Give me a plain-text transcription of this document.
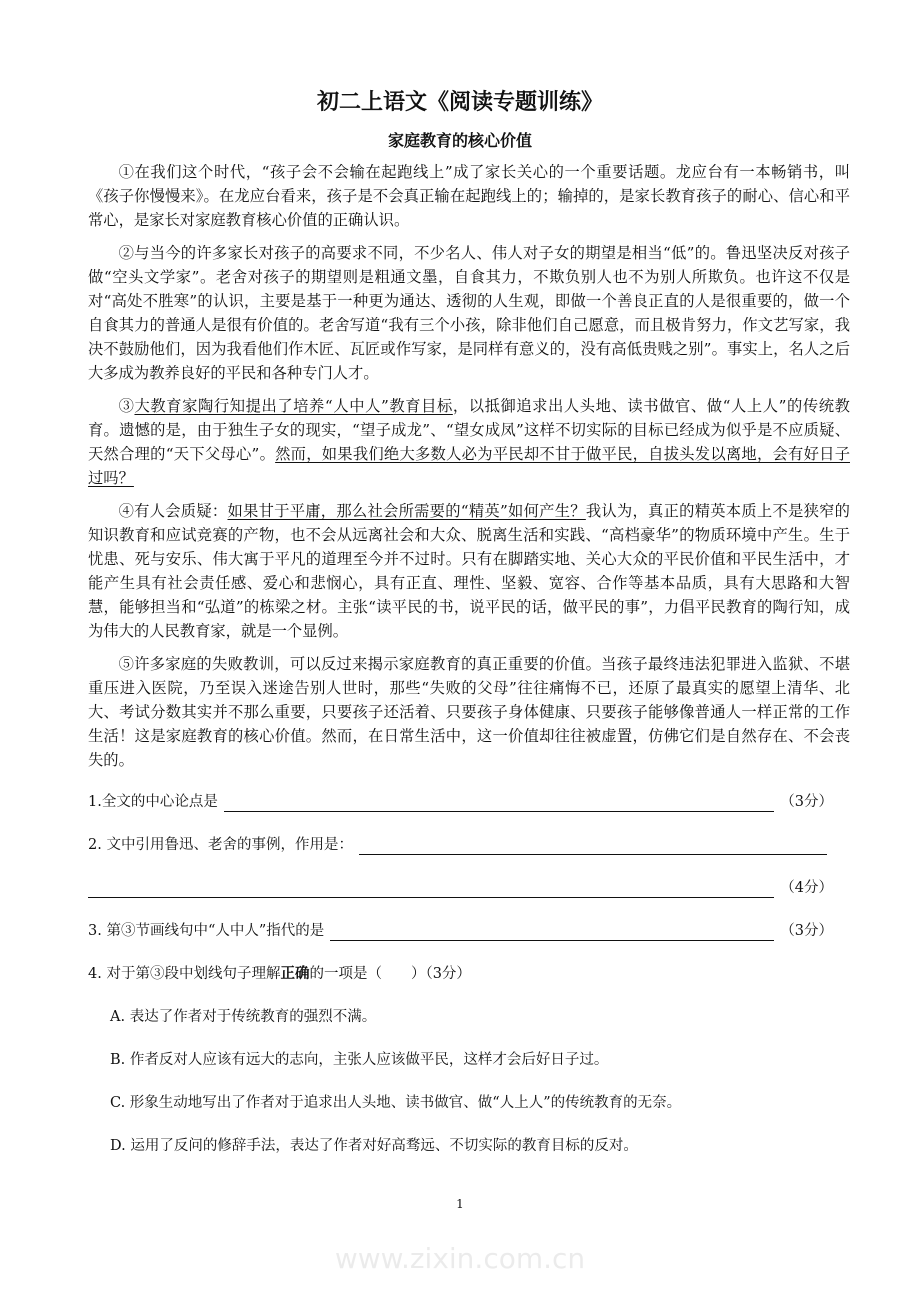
初二上语文《阅读专题训练》
家庭教育的核心价值

①在我们这个时代，“孩子会不会输在起跑线上”成了家长关心的一个重要话题。龙应台有一本畅销书，叫《孩子你慢慢来》。在龙应台看来，孩子是不会真正输在起跑线上的；输掉的，是家长教育孩子的耐心、信心和平常心，是家长对家庭教育核心价值的正确认识。

②与当今的许多家长对孩子的高要求不同，不少名人、伟人对子女的期望是相当“低”的。鲁迅坚决反对孩子做“空头文学家”。老舍对孩子的期望则是粗通文墨，自食其力，不欺负别人也不为别人所欺负。也许这不仅是对“高处不胜寒”的认识，主要是基于一种更为通达、透彻的人生观，即做一个善良正直的人是很重要的，做一个自食其力的普通人是很有价值的。老舍写道“我有三个小孩，除非他们自己愿意，而且极肯努力，作文艺写家，我决不鼓励他们，因为我看他们作木匠、瓦匠或作写家，是同样有意义的，没有高低贵贱之别”。事实上，名人之后大多成为教养良好的平民和各种专门人才。

③大教育家陶行知提出了培养“人中人”教育目标，以抵御追求出人头地、读书做官、做“人上人”的传统教育。遗憾的是，由于独生子女的现实，“望子成龙”、“望女成凤”这样不切实际的目标已经成为似乎是不应质疑、天然合理的“天下父母心”。然而，如果我们绝大多数人必为平民却不甘于做平民，自拔头发以离地，会有好日子过吗？

④有人会质疑：如果甘于平庸，那么社会所需要的“精英”如何产生？我认为，真正的精英本质上不是狭窄的知识教育和应试竞赛的产物，也不会从远离社会和大众、脱离生活和实践、“高档豪华”的物质环境中产生。生于忧患、死与安乐、伟大寓于平凡的道理至今并不过时。只有在脚踏实地、关心大众的平民价值和平民生活中，才能产生具有社会责任感、爱心和悲悯心，具有正直、理性、坚毅、宽容、合作等基本品质，具有大思路和大智慧，能够担当和“弘道”的栋梁之材。主张“读平民的书，说平民的话，做平民的事”，力倡平民教育的陶行知，成为伟大的人民教育家，就是一个显例。

⑤许多家庭的失败教训，可以反过来揭示家庭教育的真正重要的价值。当孩子最终违法犯罪进入监狱、不堪重压进入医院，乃至误入迷途告别人世时，那些“失败的父母”往往痛悔不已，还原了最真实的愿望上清华、北大、考试分数其实并不那么重要，只要孩子还活着、只要孩子身体健康、只要孩子能够像普通人一样正常的工作生活！这是家庭教育的核心价值。然而，在日常生活中，这一价值却往往被虚置，仿佛它们是自然存在、不会丧失的。

1.全文的中心论点是	（3分）
2. 文中引用鲁迅、老舍的事例，作用是：
（4分）
3. 第③节画线句中“人中人”指代的是	（3分）
4. 对于第③段中划线句子理解 正确 的一项是（　　）（3分）
A. 表达了作者对于传统教育的强烈不满。
B. 作者反对人应该有远大的志向，主张人应该做平民，这样才会后好日子过。
C. 形象生动地写出了作者对于追求出人头地、读书做官、做“人上人”的传统教育的无奈。
D. 运用了反问的修辞手法，表达了作者对好高骛远、不切实际的教育目标的反对。
1
www.zixin.com.cn
